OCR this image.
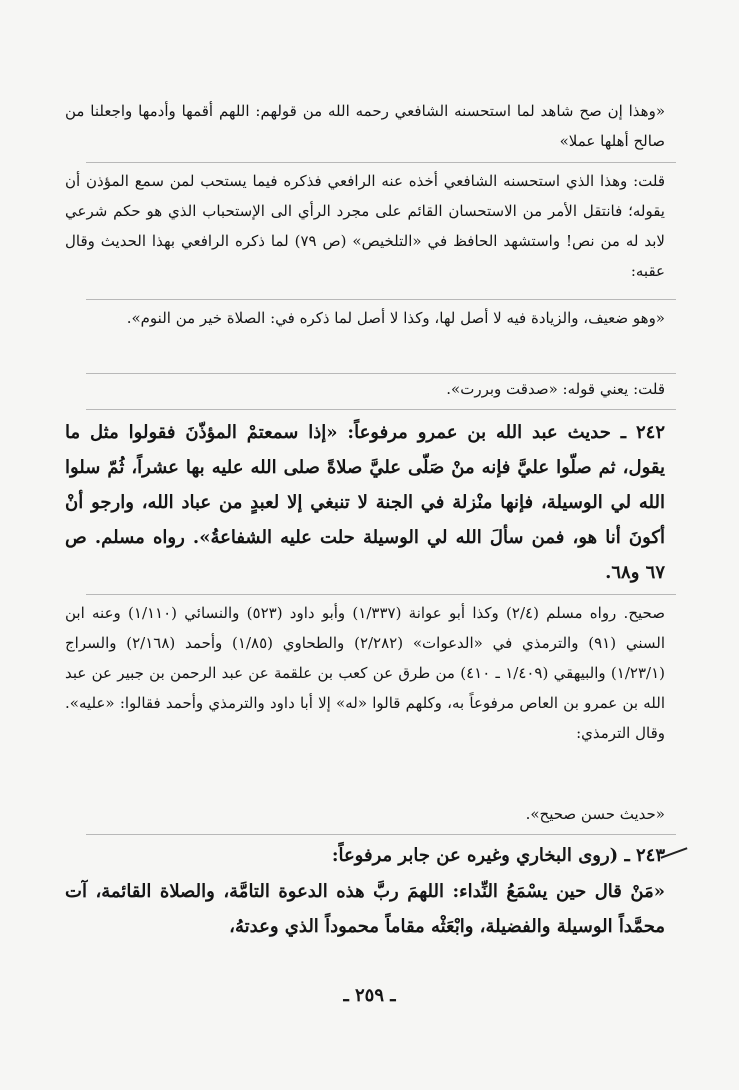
«وهذا إن صح شاهد لما استحسنه الشافعي رحمه الله من قولهم: اللهم أقمها وأدمها واجعلنا من صالح أهلها عملا»

قلت: وهذا الذي استحسنه الشافعي أخذه عنه الرافعي فذكره فيما يستحب لمن سمع المؤذن أن يقوله؛ فانتقل الأمر من الاستحسان القائم على مجرد الرأي الى الإستحباب الذي هو حكم شرعي لابد له من نص! واستشهد الحافظ في «التلخيص» (ص ٧٩) لما ذكره الرافعي بهذا الحديث وقال عقبه:

«وهو ضعيف، والزيادة فيه لا أصل لها، وكذا لا أصل لما ذكره في: الصلاة خير من النوم».

قلت: يعني قوله: «صدقت وبررت».

٢٤٢ ـ حديث عبد الله بن عمرو مرفوعاً: «إذا سمعتمْ المؤذّنَ فقولوا مثل ما يقول، ثم صلّوا عليَّ فإنه منْ صَلّى عليَّ صلاةً صلى الله عليه بها عشراً، ثُمّ سلوا الله لي الوسيلة، فإنها منْزلة في الجنة لا تنبغي إلا لعبدٍ من عباد الله، وارجو أنْ أكونَ أنا هو، فمن سألَ الله لي الوسيلة حلت عليه الشفاعةُ». رواه مسلم. ص ٦٧ و٦٨.

صحيح. رواه مسلم (٢/٤) وكذا أبو عوانة (١/٣٣٧) وأبو داود (٥٢٣) والنسائي (١/١١٠) وعنه ابن السني (٩١) والترمذي في «الدعوات» (٢/٢٨٢) والطحاوي (١/٨٥) وأحمد (٢/١٦٨) والسراج (١/٢٣/١) والبيهقي (١/٤٠٩ ـ ٤١٠) من طرق عن كعب بن علقمة عن عبد الرحمن بن جبير عن عبد الله بن عمرو بن العاص مرفوعاً به، وكلهم قالوا «له» إلا أبا داود والترمذي وأحمد فقالوا: «عليه». وقال الترمذي:

«حديث حسن صحيح».

٢٤٣ ـ (روى البخاري وغيره عن جابر مرفوعاً:

«مَنْ قال حين يسْمَعُ النِّداء: اللهمَ ربَّ هذه الدعوة التامَّة، والصلاة القائمة، آت محمَّداً الوسيلة والفضيلة، وابْعَثْه مقاماً محموداً الذي وعدتهُ،

ـ ٢٥٩ ـ
